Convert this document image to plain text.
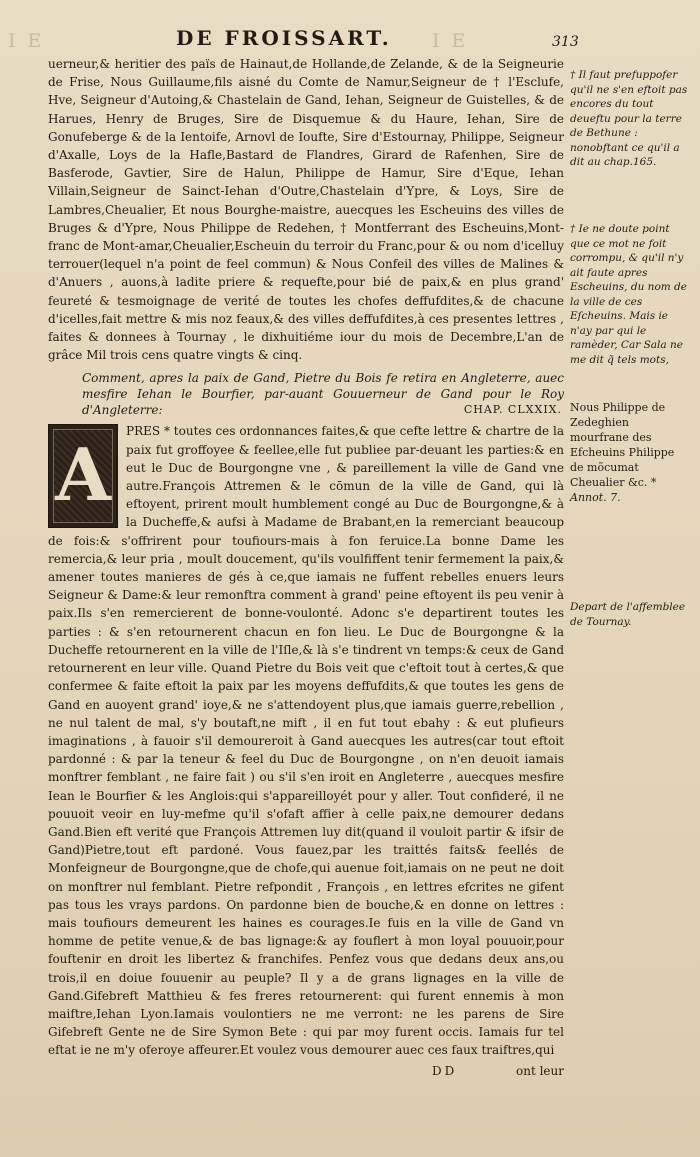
I E	DE FROISSART. I E	313

uerneur,& heritier des païs de Hainaut,de Hollande,de Zelande, & de la Seigneurie de Frise, Nous Guillaume,fils aisné du Comte de Namur,Seigneur de † l'Esclufe, Hve, Seigneur d'Autoing,& Chastelain de Gand, Iehan, Seigneur de Guistelles, & de Harues, Henry de Bruges, Sire de Disquemue & du Haure, Iehan, Sire de Gonufeberge & de la Ientoife, Arnovl de Ioufte, Sire d'Estournay, Philippe, Seigneur d'Axalle, Loys de la Hafle,Bastard de Flandres, Girard de Rafenhen, Sire de Basferode, Gavtier, Sire de Halun, Philippe de Hamur, Sire d'Eque, Iehan Villain,Seigneur de Sainct-Iehan d'Outre,Chastelain d'Ypre, & Loys, Sire de Lambres,Cheualier, Et nous Bourghe-maistre, auecques les Escheuins des villes de Bruges & d'Ypre, Nous Philippe de Redehen, † Montferrant des Escheuins,Mont-franc de Mont-amar,Cheualier,Escheuin du terroir du Franc,pour & ou nom d'icelluy terrouer(lequel n'a point de feel commun) & Nous Confeil des villes de Malines & d'Anuers , auons,à ladite priere & requefte,pour bié de paix,& en plus grand' feureté & tesmoignage de verité de toutes les chofes deffufdites,& de chacune d'icelles,fait mettre & mis noz feaux,& des villes deffufdites,à ces presentes lettres , faites & donnees à Tournay , le dixhuitiéme iour du mois de Decembre,L'an de grâce Mil trois cens quatre vingts & cinq.

Comment, apres la paix de Gand, Pietre du Bois fe retira en Angleterre, auec mesfire Iehan le Bourfier, par-auant Gouuerneur de Gand pour le Roy d'Angleterre:	CHAP. CLXXIX.
A

PRES * toutes ces ordonnances faites,& que cefte lettre & chartre de la paix fut groffoyee & feellee,elle fut publiee par-deuant les parties:& en eut le Duc de Bourgongne vne , & pareillement la ville de Gand vne autre.François Attremen & le cōmun de la ville de Gand, qui là eftoyent, prirent moult humblement congé au Duc de Bourgongne,& à la Ducheffe,& aufsi à Madame de Brabant,en la remerciant beaucoup de fois:& s'offrirent pour toufiours-mais à fon feruice.La bonne Dame les remercia,& leur pria , moult doucement, qu'ils voulfiffent tenir fermement la paix,& amener toutes manieres de gés à ce,que iamais ne fuffent rebelles enuers leurs Seigneur & Dame:& leur remonftra comment à grand' peine eftoyent ils peu venir à paix.Ils s'en remercierent de bonne-voulonté. Adonc s'e departirent toutes les parties : & s'en retournerent chacun en fon lieu. Le Duc de Bourgongne & la Ducheffe retournerent en la ville de l'Iſle,& là s'e tindrent vn temps:& ceux de Gand retournerent en leur ville. Quand Pietre du Bois veit que c'eftoit tout à certes,& que confermee & faite eftoit la paix par les moyens deffufdits,& que toutes les gens de Gand en auoyent grand' ioye,& ne s'attendoyent plus,que iamais guerre,rebellion , ne nul talent de mal, s'y boutaft,ne mift , il en fut tout ebahy : & eut plufieurs imaginations , à fauoir s'il demoureroit à Gand auecques les autres(car tout eftoit pardonné : & par la teneur & feel du Duc de Bourgongne , on n'en deuoit iamais monftrer femblant , ne faire fait ) ou s'il s'en iroit en Angleterre , auecques mesfire Iean le Bourfier & les Anglois:qui s'appareilloyét pour y aller. Tout confideré, il ne pouuoit veoir en luy-mefme qu'il s'ofaft affier à celle paix,ne demourer dedans Gand.Bien eft verité que François Attremen luy dit(quand il vouloit partir & ifsir de Gand)Pietre,tout eft pardoné. Vous fauez,par les traittés faits& feellés de Monfeigneur de Bourgongne,que de chofe,qui auenue foit,iamais on ne peut ne doit on monftrer nul femblant. Pietre refpondit , François , en lettres efcrites ne gifent pas tous les vrays pardons. On pardonne bien de bouche,& en donne on lettres : mais toufiours demeurent les haines es courages.Ie fuis en la ville de Gand vn homme de petite venue,& de bas lignage:& ay fouflert à mon loyal pouuoir,pour fouftenir en droit les libertez & franchifes. Penfez vous que dedans deux ans,ou trois,il en doiue fouuenir au peuple? Il y a de grans lignages en la ville de Gand.Gifebreft Matthieu & fes freres retournerent: qui furent ennemis à mon maiftre,Iehan Lyon.Iamais voulontiers ne me verront: ne les parens de Sire Gifebreft Gente ne de Sire Symon Bete : qui par moy furent occis. Iamais fur tel eftat ie ne m'y oferoye affeurer.Et voulez vous demourer auec ces faux traiftres,qui

DD	ont leur
† Il faut prefuppofer qu'il ne s'en eftoit pas encores du tout deueftu pour la terre de Bethune : nonobftant ce qu'il a dit au chap.165.
† Ie ne doute point que ce mot ne foit corrompu, & qu'il n'y ait faute apres Escheuins, du nom de la ville de ces Eſcheuins. Mais ie n'ay par qui le ramèder, Car Sala ne me dit q̃ tels mots,
Nous Philippe de Zedeghien mourfrane des Efcheuins Philippe de mõcumat Cheualier &c. * Annot. 7.
Depart de l'affemblee de Tournay.
